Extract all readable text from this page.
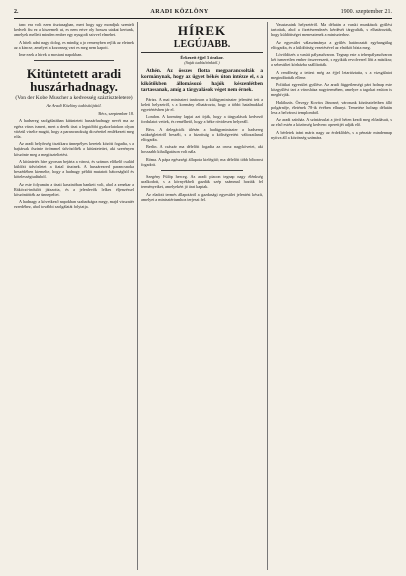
2.	ARADI KÖZLÖNY	1900. szeptember 21.

tanc era volt ezen tisztasagban, mert hogy ugy mondjuk szentelt kedvelt fiu ez a kiszemelt ut, es nem ertve oly hosszu utakat kertunk, amelyek mellett minden ember egy nyugodt szivvel elmehet.

A hitelt adni nagy dolog, es mindig a jo remenyben rejlik az eletnek az a kincse, amelyet a kozonseg vart es meg nem kapott.

Ime ezek a hirek a mostani napokban.

Kitüntetett aradi huszárhadnagy.
(Von der Kobe Muscher a kedvesség száztiszteletere)
Az Aradi Közlöny tudósítójától.

Bécs, szeptember 18.

A hadsereg szolgálatában kitüntetett huszárhadnagy nevét ma az egész város ismeri, mert a derék tiszt a legutóbbi gyakorlatokon olyan vitézül viselte magát, hogy a parancsnokság dicsérettel emlékezett meg róla.

Az aradi helyőrség tisztikara ünnepélyes keretek között fogadta, s a bajtársak őszinte örömmel üdvözölték a kitüntetettet, aki szerényen köszönte meg a megtiszteltetést.

A kitüntetés híre gyorsan bejárta a várost, és számos előkelő család küldött üdvözletet a fiatal tisztnek. A huszárezred parancsnoka beszédében kiemelte, hogy a hadnagy példát mutatott bátorságból és kötelességtudásból.

Az este folyamán a tiszti kaszinóban bankett volt, ahol a zenekar a Rákóczi-indulót játszotta, és a jelenlevők lelkes éljenzéssel köszöntötték az ünnepeltet.

A hadnagy a következő napokban szabadságra megy, majd visszatér ezredéhez, ahol további szolgálatát folytatja.

HÍREK
LEGÚJABB.
Érkezett éjjel 3 órakor.
(Saját tudósítónktól.)
Athén. Az összes flotta megparancsolták a kormánynak, hogy az ügyet békés úton intézze el, s a kikötőkben állomásozó hajók készenlétben tartassanak, amíg a tárgyalások véget nem érnek.

Párizs. A mai miniszteri tanácson a külügyminiszter jelentést tett a keleti helyzetről, s a kormány elhatározta, hogy a többi hatalmakkal egyetértésben jár el.

London. A kormány lapjai azt írják, hogy a tárgyalások kedvező fordulatot vettek, és remélhető, hogy a béke rövidesen helyreáll.

Bécs. A delegációk ülésén a hadügyminiszter a hadsereg szükségleteiről beszélt, s a bizottság a költségvetést változatlanul elfogadta.

Berlin. A császár ma délelőtt fogadta az orosz nagykövetet, aki hosszabb kihallgatáson volt nála.

Róma. A pápa egészségi állapota kielégítő; ma délelőtt több bíborost fogadott.

Szegény Fülöp herceg. Az aradi piacon tegnap nagy élénkség uralkodott, s a környékbeli gazdák szép számmal hozták fel terményeiket, amelyekért jó árat kaptak.

Az eladott termés állapotáról a gazdasági egyesület jelentést készít, amelyet a minisztériumhoz terjeszt fel.

Vasutasaink helyzetéről. Ma délután a vasúti munkások gyűlést tartottak, ahol a fizetésrendezés kérdését tárgyalták, s elhatározták, hogy küldöttséget menesztenek a miniszterhez.

Az egyesület választmánya a gyűlés határozatát egyhangúlag elfogadta, és a küldöttség vezetésével az elnököt bízta meg.

Lövöldözés a vasúti pályaudvaron. Tegnap este a teherpályaudvaron két ismeretlen ember összeveszett, s egyikük revolverrel lőtt a másikra; a sebesültet kórházba szállították.

A rendőrség a tettest még az éjjel letartóztatta, s a vizsgálatot megindították ellene.

Politikai egyesület gyűlése. Az aradi függetlenségi párt holnap este közgyűlést tart a városháza nagytermében, amelyre a tagokat ezúton is meghívják.

Halálozás. Özvegy Kovács Jánosné, városunk köztiszteletben álló polgárnője, életének 78-ik évében elhunyt. Temetése holnap délután lesz a belvárosi templomból.

Az aradi színház. A színtársulat a jövő héten kezdi meg előadásait, s az első estén a közönség kedvenc operettjét adják elő.

A bérletek iránt máris nagy az érdeklődés, s a pénztár mindennap nyitva áll a közönség számára.
